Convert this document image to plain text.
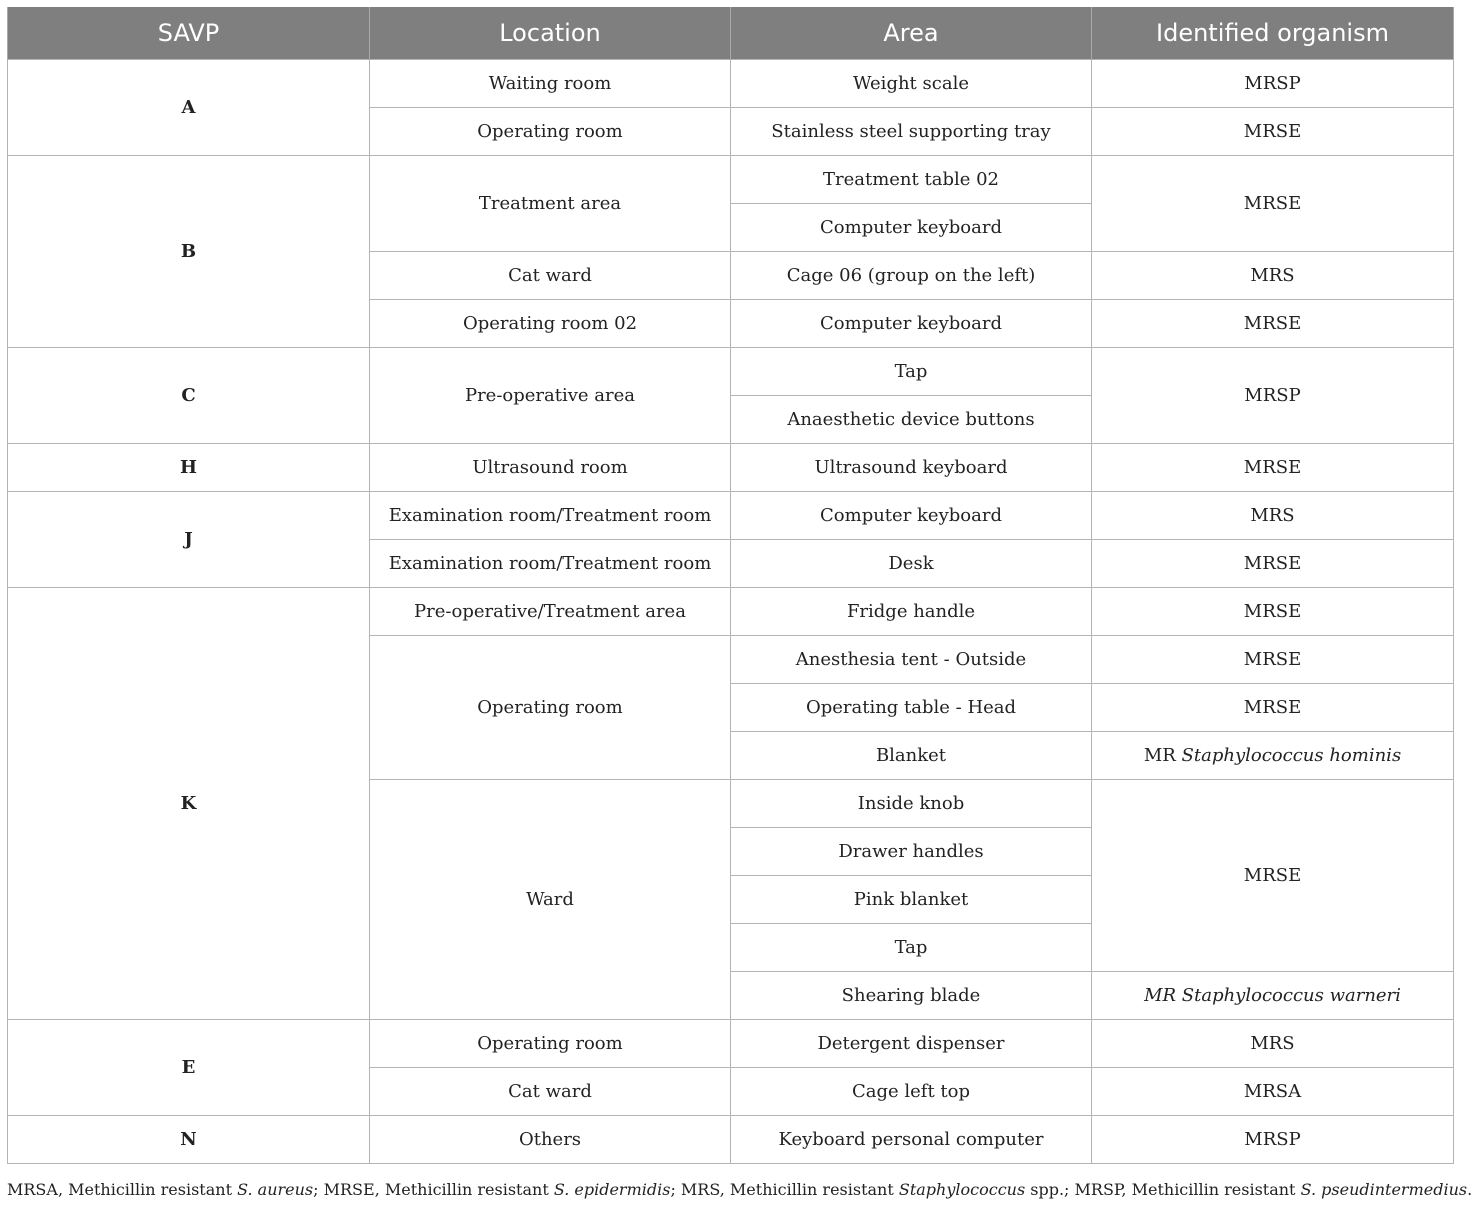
SAVP	Location	Area	Identified organism
A	Waiting room	Weight scale	MRSP
	Operating room	Stainless steel supporting tray	MRSE
B	Treatment area	Treatment table 02	MRSE
		Computer keyboard	
	Cat ward	Cage 06 (group on the left)	MRS
	Operating room 02	Computer keyboard	MRSE
C	Pre-operative area	Tap	MRSP
		Anaesthetic device buttons	
H	Ultrasound room	Ultrasound keyboard	MRSE
J	Examination room/Treatment room	Computer keyboard	MRS
	Examination room/Treatment room	Desk	MRSE
K	Pre-operative/Treatment area	Fridge handle	MRSE
	Operating room	Anesthesia tent - Outside	MRSE
		Operating table - Head	MRSE
		Blanket	MR Staphylococcus hominis
	Ward	Inside knob	MRSE
		Drawer handles	
		Pink blanket	
		Tap	
		Shearing blade	MR Staphylococcus warneri
E	Operating room	Detergent dispenser	MRS
	Cat ward	Cage left top	MRSA
N	Others	Keyboard personal computer	MRSP
MRSA, Methicillin resistant S. aureus; MRSE, Methicillin resistant S. epidermidis; MRS, Methicillin resistant Staphylococcus spp.; MRSP, Methicillin resistant S. pseudintermedius.
